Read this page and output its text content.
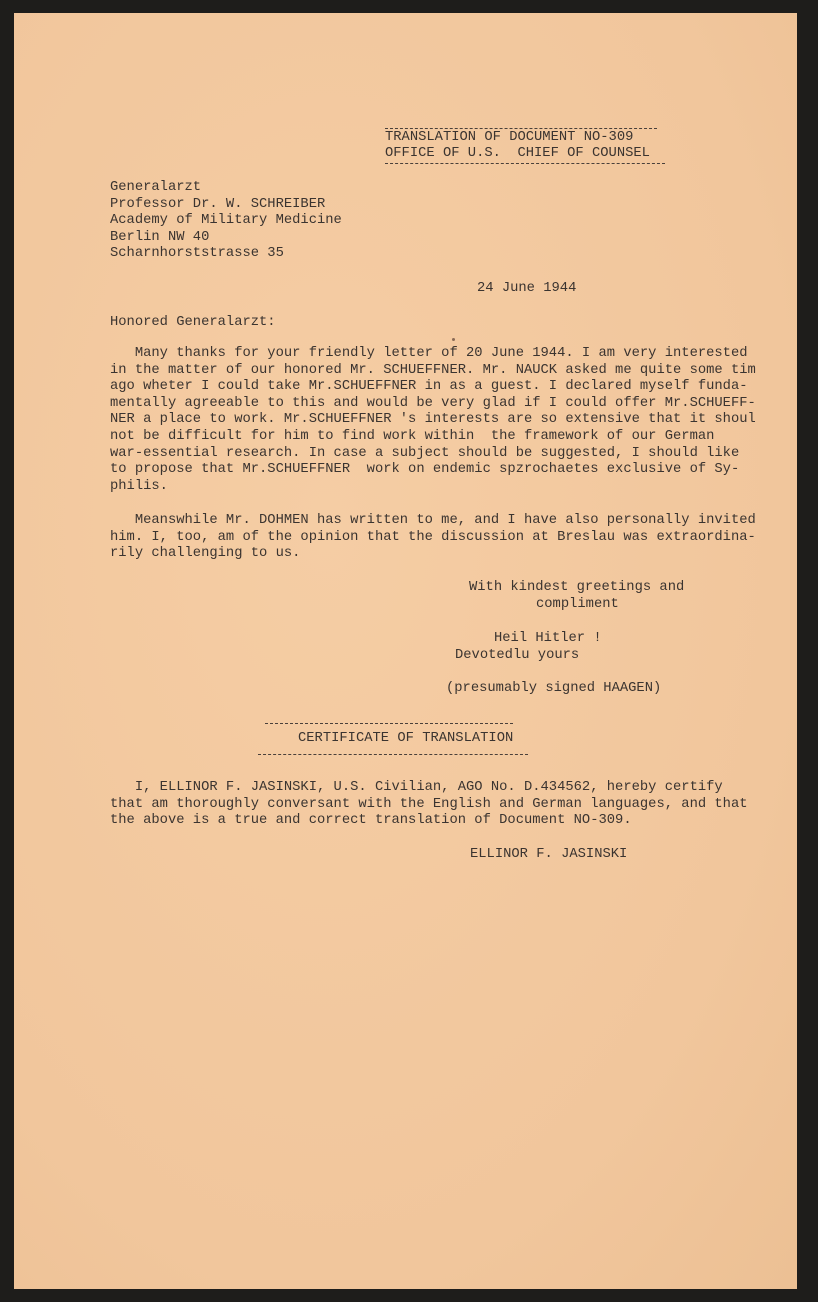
TRANSLATION OF DOCUMENT NO-309
OFFICE OF U.S.  CHIEF OF COUNSEL
Generalarzt
Professor Dr. W. SCHREIBER
Academy of Military Medicine
Berlin NW 40
Scharnhorststrasse 35
24 June 1944
Honored Generalarzt:
Many thanks for your friendly letter of 20 June 1944. I am very interested
in the matter of our honored Mr. SCHUEFFNER. Mr. NAUCK asked me quite some tim
ago wheter I could take Mr.SCHUEFFNER in as a guest. I declared myself funda-
mentally agreeable to this and would be very glad if I could offer Mr.SCHUEFF-
NER a place to work. Mr.SCHUEFFNER 's interests are so extensive that it shoul
not be difficult for him to find work within  the framework of our German
war-essential research. In case a subject should be suggested, I should like
to propose that Mr.SCHUEFFNER  work on endemic spzrochaetes exclusive of Sy-
philis.
Meanswhile Mr. DOHMEN has written to me, and I have also personally invited
him. I, too, am of the opinion that the discussion at Breslau was extraordina-
rily challenging to us.
With kindest greetings and
compliment
Heil Hitler !
Devotedlu yours
(presumably signed HAAGEN)
CERTIFICATE OF TRANSLATION
I, ELLINOR F. JASINSKI, U.S. Civilian, AGO No. D.434562, hereby certify
that am thoroughly conversant with the English and German languages, and that
the above is a true and correct translation of Document NO-309.
ELLINOR F. JASINSKI
